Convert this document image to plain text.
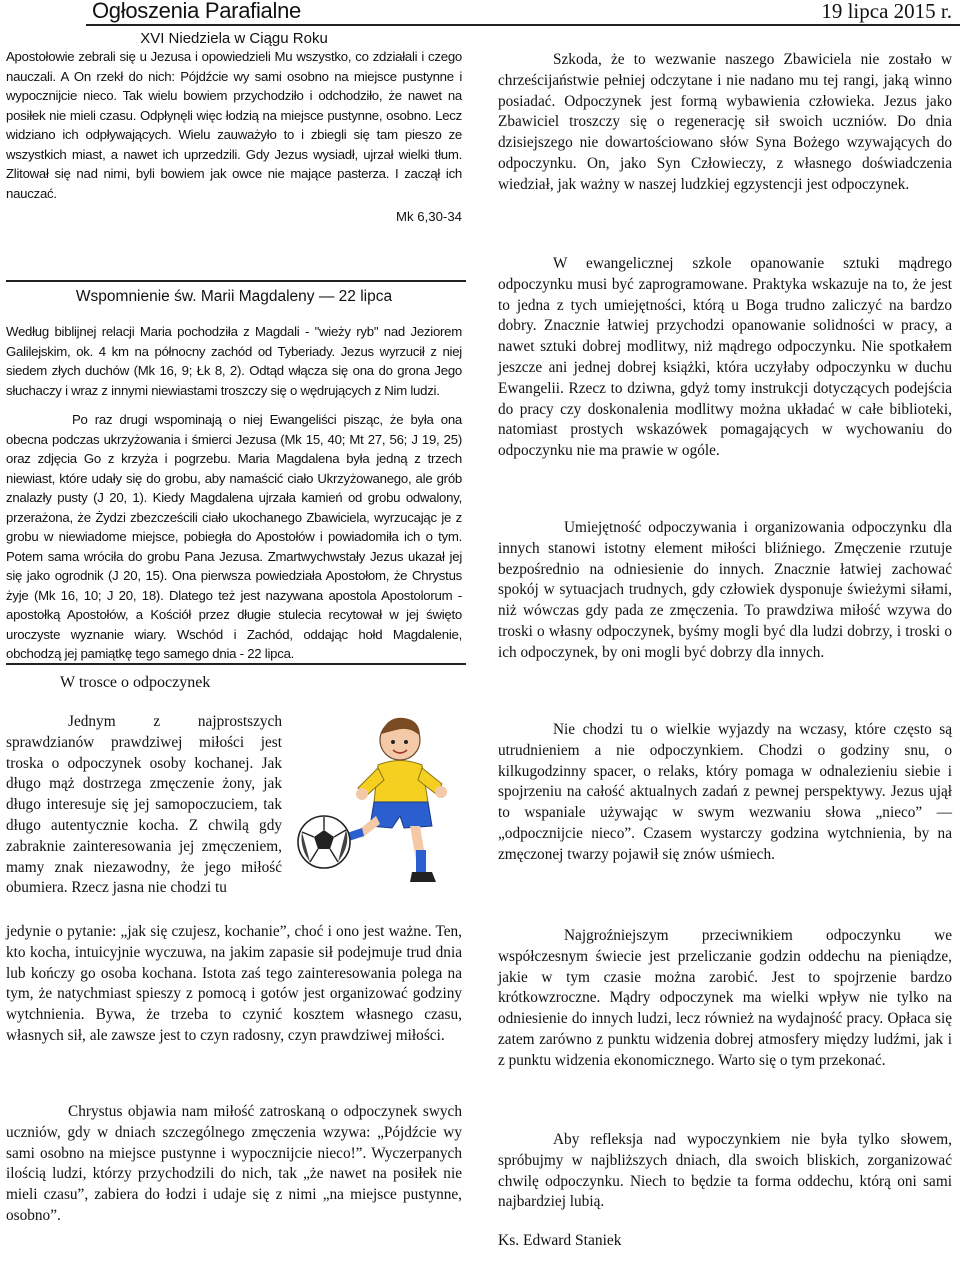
Ogłoszenia Parafialne	19 lipca 2015 r.

XVI Niedziela w Ciągu Roku

Apostołowie zebrali się u Jezusa i opowiedzieli Mu wszystko, co zdziałali i czego nauczali. A On rzekł do nich: Pójdźcie wy sami osobno na miejsce pustynne i wypocznijcie nieco. Tak wielu bowiem przychodziło i odchodziło, że nawet na posiłek nie mieli czasu. Odpłynęli więc łodzią na miejsce pustynne, osobno. Lecz widziano ich odpływających. Wielu zauważyło to i zbiegli się tam pieszo ze wszystkich miast, a nawet ich uprzedzili. Gdy Jezus wysiadł, ujrzał wielki tłum. Zlitował się nad nimi, byli bowiem jak owce nie mające pasterza. I zaczął ich nauczać.

Mk 6,30-34

Wspomnienie św. Marii Magdaleny — 22 lipca

Według biblijnej relacji Maria pochodziła z Magdali - "wieży ryb" nad Jeziorem Galilejskim, ok. 4 km na północny zachód od Tyberiady. Jezus wyrzucił z niej siedem złych duchów (Mk 16, 9; Łk 8, 2). Odtąd włącza się ona do grona Jego słuchaczy i wraz z innymi niewiastami troszczy się o wędrujących z Nim ludzi.

Po raz drugi wspominają o niej Ewangeliści pisząc, że była ona obecna podczas ukrzyżowania i śmierci Jezusa (Mk 15, 40; Mt 27, 56; J 19, 25) oraz zdjęcia Go z krzyża i pogrzebu. Maria Magdalena była jedną z trzech niewiast, które udały się do grobu, aby namaścić ciało Ukrzyżowanego, ale grób znalazły pusty (J 20, 1). Kiedy Magdalena ujrzała kamień od grobu odwalony, przerażona, że Żydzi zbezcześcili ciało ukochanego Zbawiciela, wyrzucając je z grobu w niewiadome miejsce, pobiegła do Apostołów i powiadomiła ich o tym. Potem sama wróciła do grobu Pana Jezusa. Zmartwychwstały Jezus ukazał jej się jako ogrodnik (J 20, 15). Ona pierwsza powiedziała Apostołom, że Chrystus żyje (Mk 16, 10; J 20, 18). Dlatego też jest nazywana apostola Apostolorum - apostołką Apostołów, a Kościół przez długie stulecia recytował w jej święto uroczyste wyznanie wiary. Wschód i Zachód, oddając hołd Magdalenie, obchodzą jej pamiątkę tego samego dnia - 22 lipca.

W trosce o odpoczynek

Jednym z najprostszych sprawdzianów prawdziwej miłości jest troska o odpoczynek osoby kochanej. Jak długo mąż dostrzega zmęczenie żony, jak długo interesuje się jej samopoczuciem, tak długo autentycznie kocha. Z chwilą gdy zabraknie zainteresowania jej zmęczeniem, mamy znak niezawodny, że jego miłość obumiera. Rzecz jasna nie chodzi tu

jedynie o pytanie: „jak się czujesz, kochanie”, choć i ono jest ważne. Ten, kto kocha, intuicyjnie wyczuwa, na jakim zapasie sił podejmuje trud dnia lub kończy go osoba kochana. Istota zaś tego zainteresowania polega na tym, że natychmiast spieszy z pomocą i gotów jest organizować godziny wytchnienia. Bywa, że trzeba to czynić kosztem własnego czasu, własnych sił, ale zawsze jest to czyn radosny, czyn prawdziwej miłości.

Chrystus objawia nam miłość zatroskaną o odpoczynek swych uczniów, gdy w dniach szczególnego zmęczenia wzywa: „Pójdźcie wy sami osobno na miejsce pustynne i wypocznijcie nieco!”. Wyczerpanych ilością ludzi, którzy przychodzili do nich, tak „że nawet na posiłek nie mieli czasu”, zabiera do łodzi i udaje się z nimi „na miejsce pustynne, osobno”.

Szkoda, że to wezwanie naszego Zbawiciela nie zostało w chrześcijaństwie pełniej odczytane i nie nadano mu tej rangi, jaką winno posiadać. Odpoczynek jest formą wybawienia człowieka. Jezus jako Zbawiciel troszczy się o regenerację sił swoich uczniów. Do dnia dzisiejszego nie dowartościowano słów Syna Bożego wzywających do odpoczynku. On, jako Syn Człowieczy, z własnego doświadczenia wiedział, jak ważny w naszej ludzkiej egzystencji jest odpoczynek.

W ewangelicznej szkole opanowanie sztuki mądrego odpoczynku musi być zaprogramowane. Praktyka wskazuje na to, że jest to jedna z tych umiejętności, którą u Boga trudno zaliczyć na bardzo dobry. Znacznie łatwiej przychodzi opanowanie solidności w pracy, a nawet sztuki dobrej modlitwy, niż mądrego odpoczynku. Nie spotkałem jeszcze ani jednej dobrej książki, która uczyłaby odpoczynku w duchu Ewangelii. Rzecz to dziwna, gdyż tomy instrukcji dotyczących podejścia do pracy czy doskonalenia modlitwy można układać w całe biblioteki, natomiast prostych wskazówek pomagających w wychowaniu do odpoczynku nie ma prawie w ogóle.

Umiejętność odpoczywania i organizowania odpoczynku dla innych stanowi istotny element miłości bliźniego. Zmęczenie rzutuje bezpośrednio na odniesienie do innych. Znacznie łatwiej zachować spokój w sytuacjach trudnych, gdy człowiek dysponuje świeżymi siłami, niż wówczas gdy pada ze zmęczenia. To prawdziwa miłość wzywa do troski o własny odpoczynek, byśmy mogli być dla ludzi dobrzy, i troski o ich odpoczynek, by oni mogli być dobrzy dla innych.

Nie chodzi tu o wielkie wyjazdy na wczasy, które często są utrudnieniem a nie odpoczynkiem. Chodzi o godziny snu, o kilkugodzinny spacer, o relaks, który pomaga w odnalezieniu siebie i spojrzeniu na całość aktualnych zadań z pewnej perspektywy. Jezus ujął to wspaniale używając w swym wezwaniu słowa „nieco” — „odpocznijcie nieco”. Czasem wystarczy godzina wytchnienia, by na zmęczonej twarzy pojawił się znów uśmiech.

Najgroźniejszym przeciwnikiem odpoczynku we współczesnym świecie jest przeliczanie godzin oddechu na pieniądze, jakie w tym czasie można zarobić. Jest to spojrzenie bardzo krótkowzroczne. Mądry odpoczynek ma wielki wpływ nie tylko na odniesienie do innych ludzi, lecz również na wydajność pracy. Opłaca się zatem zarówno z punktu widzenia dobrej atmosfery między ludźmi, jak i z punktu widzenia ekonomicznego. Warto się o tym przekonać.

Aby refleksja nad wypoczynkiem nie była tylko słowem, spróbujmy w najbliższych dniach, dla swoich bliskich, zorganizować chwilę odpoczynku. Niech to będzie ta forma oddechu, którą oni sami najbardziej lubią.

Ks. Edward Staniek
